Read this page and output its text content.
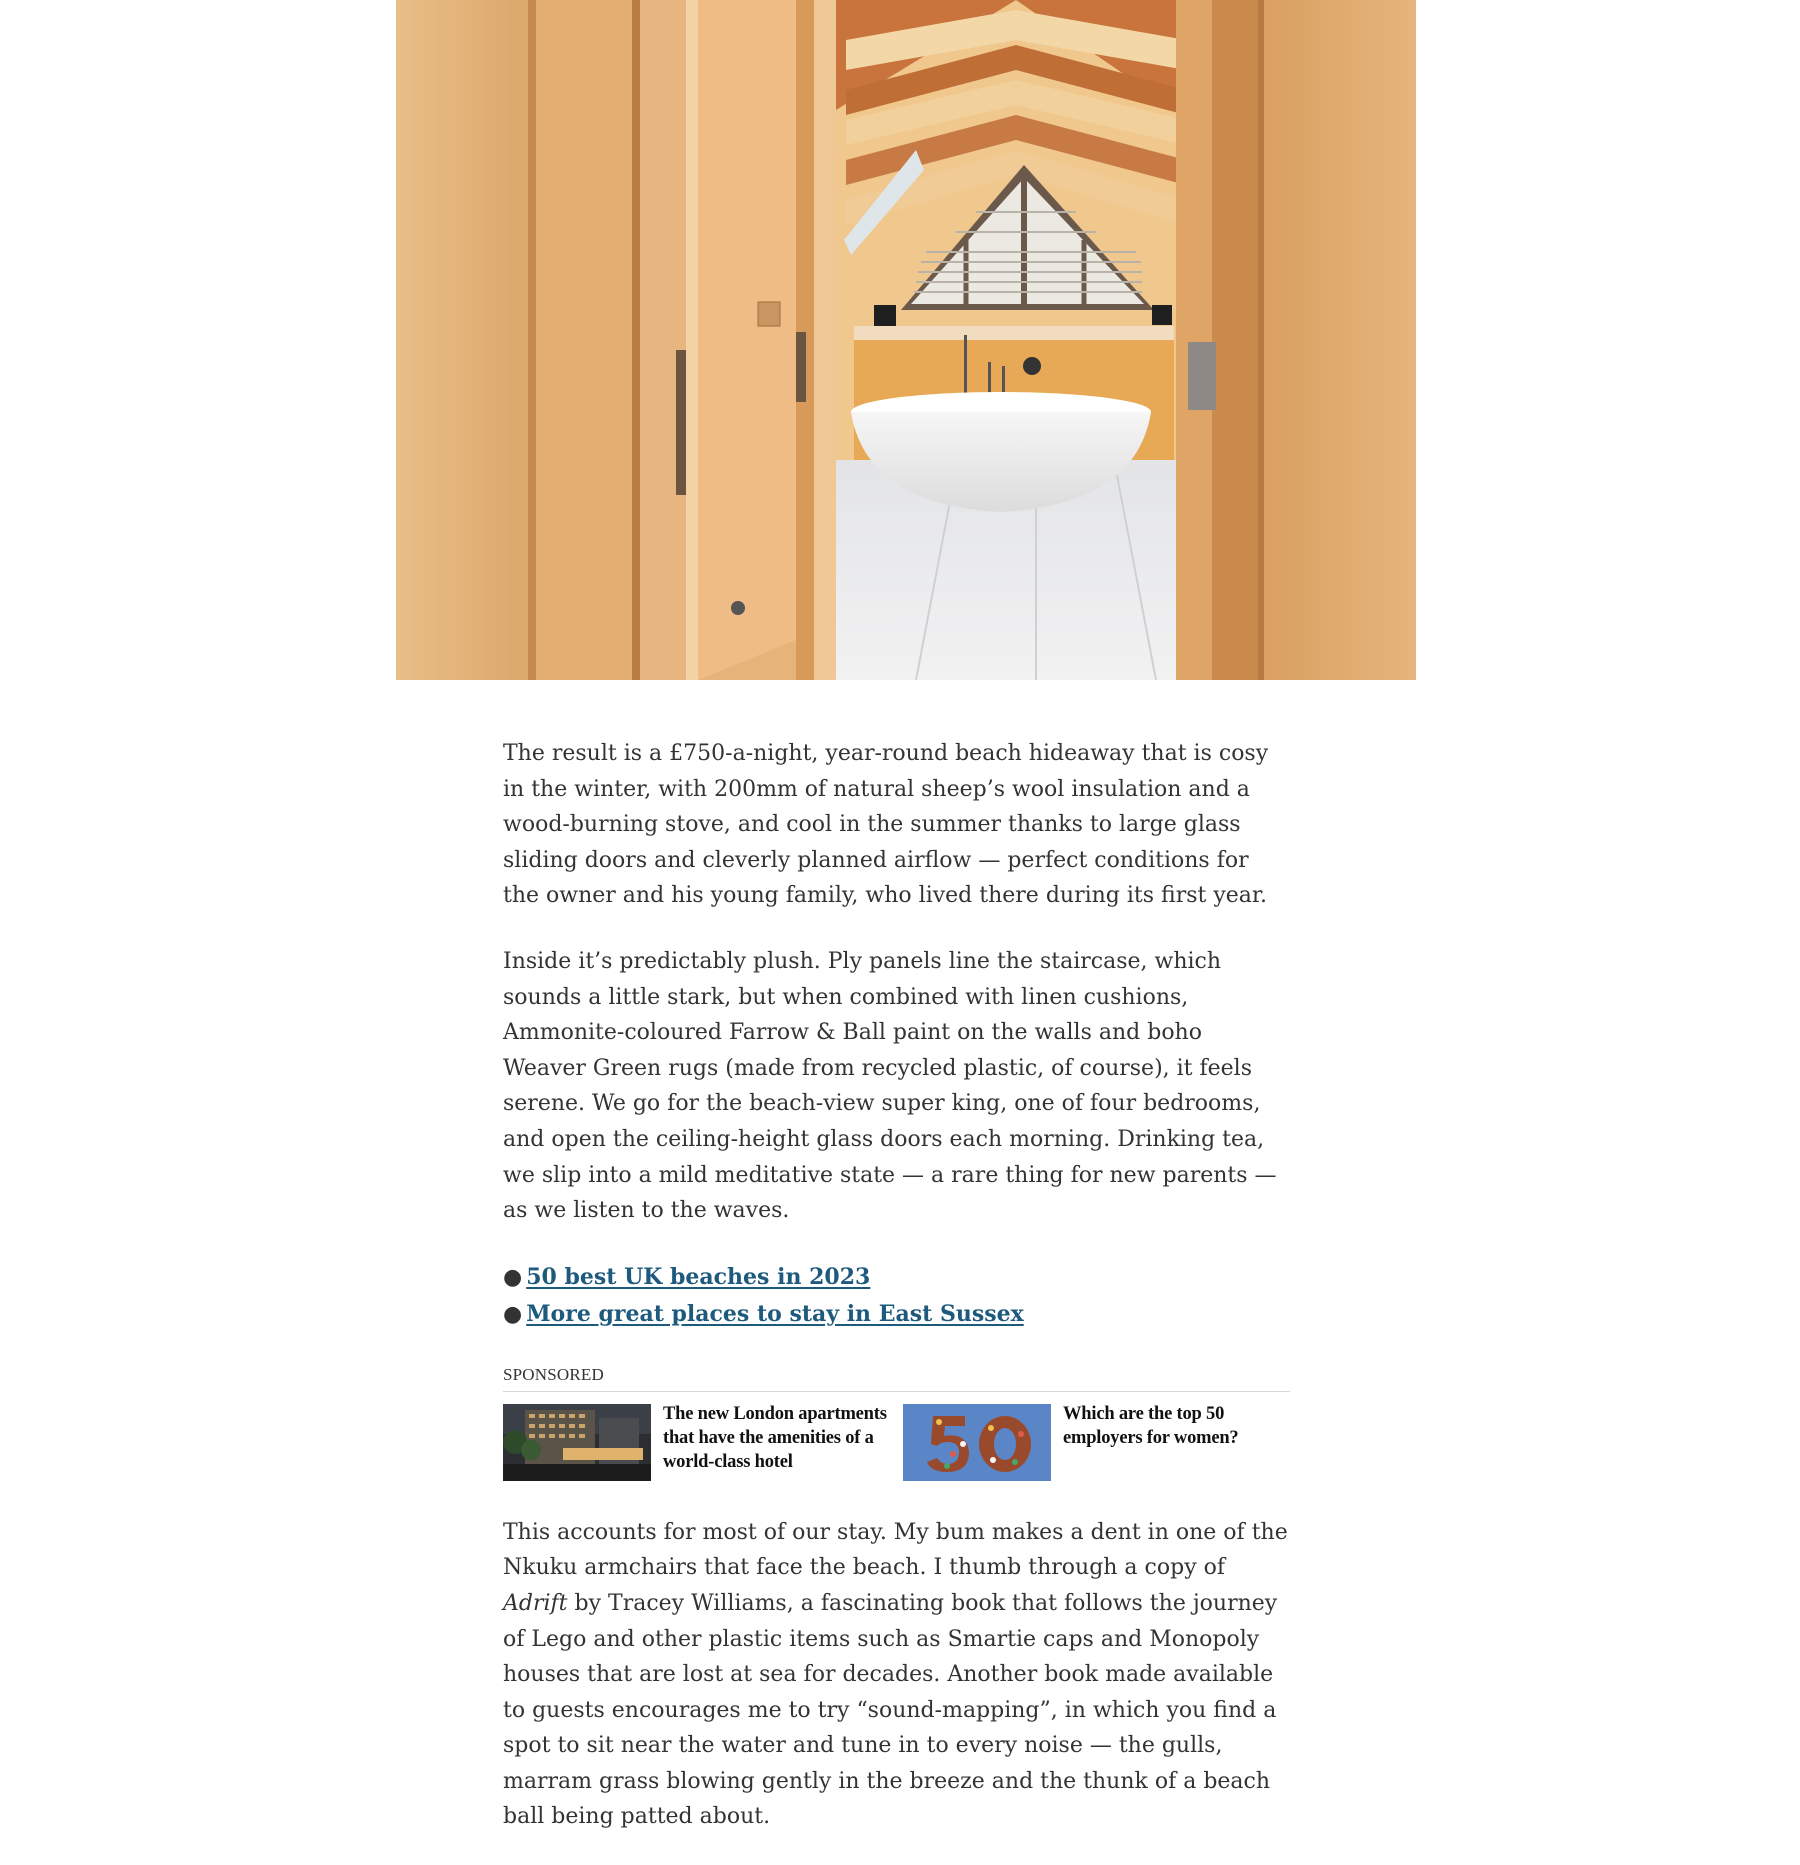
The result is a £750-a-night, year-round beach hideaway that is cosy in the winter, with 200mm of natural sheep’s wool insulation and a wood-burning stove, and cool in the summer thanks to large glass sliding doors and cleverly planned airflow — perfect conditions for the owner and his young family, who lived there during its first year.

Inside it’s predictably plush. Ply panels line the staircase, which sounds a little stark, but when combined with linen cushions, Ammonite-coloured Farrow & Ball paint on the walls and boho Weaver Green rugs (made from recycled plastic, of course), it feels serene. We go for the beach-view super king, one of four bedrooms, and open the ceiling-height glass doors each morning. Drinking tea, we slip into a mild meditative state — a rare thing for new parents — as we listen to the waves.

● 50 best UK beaches in 2023
● More great places to stay in East Sussex
SPONSORED
The new London apartments that have the amenities of a world-class hotel
Which are the top 50 employers for women?

This accounts for most of our stay. My bum makes a dent in one of the Nkuku armchairs that face the beach. I thumb through a copy of Adrift by Tracey Williams, a fascinating book that follows the journey of Lego and other plastic items such as Smartie caps and Monopoly houses that are lost at sea for decades. Another book made available to guests encourages me to try “sound-mapping”, in which you find a spot to sit near the water and tune in to every noise — the gulls, marram grass blowing gently in the breeze and the thunk of a beach ball being patted about.
